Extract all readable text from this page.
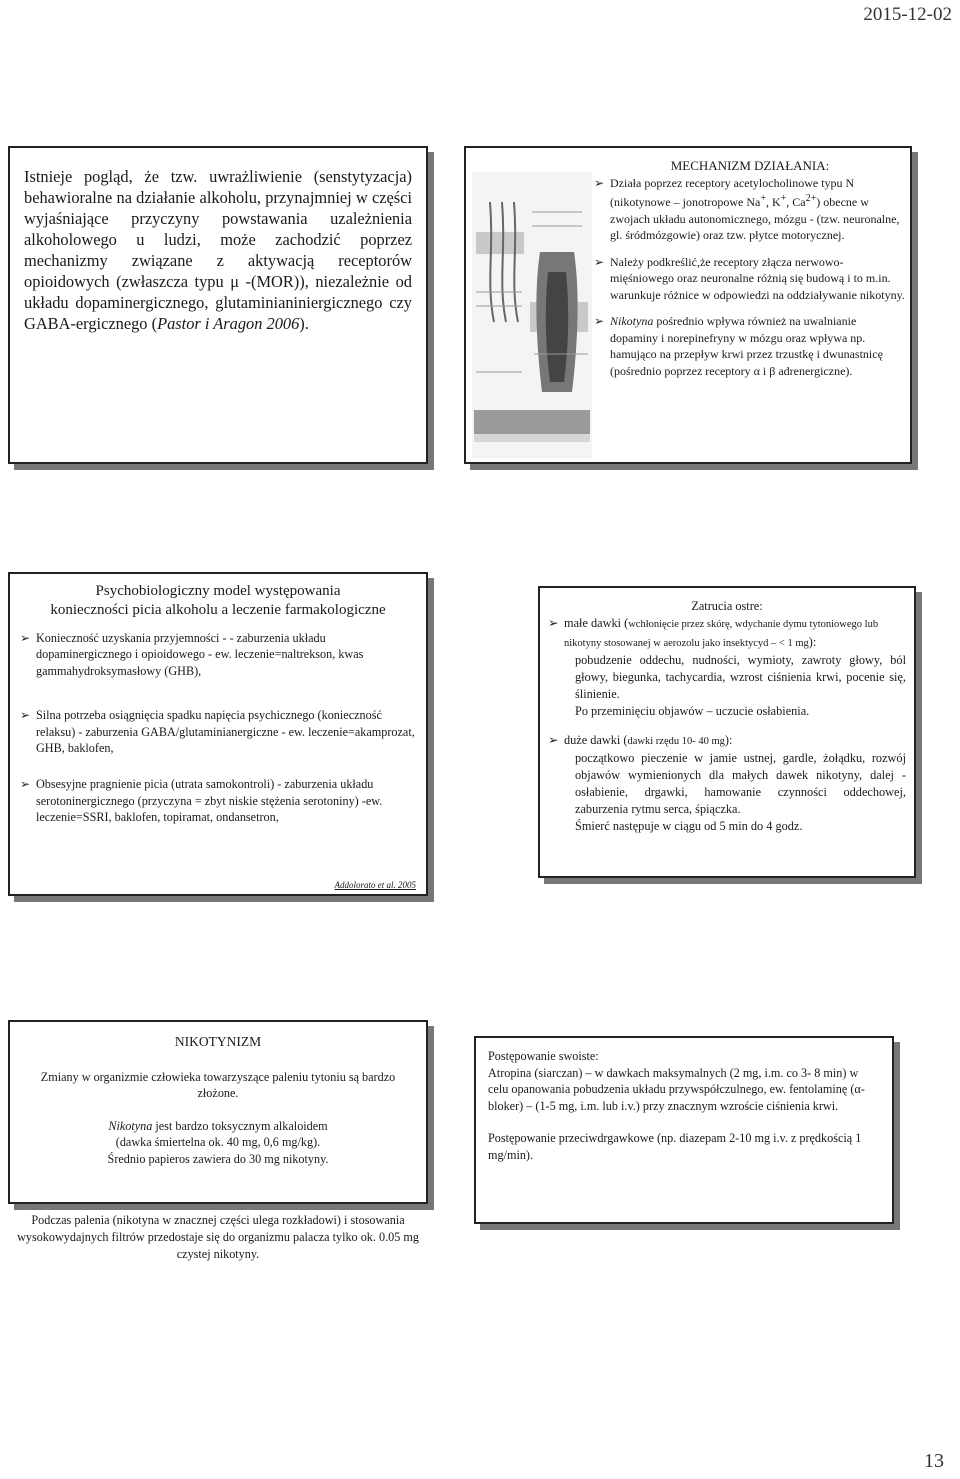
2015-12-02

Istnieje pogląd, że tzw. uwrażliwienie (senstytyzacja) behawioralne na działanie alkoholu, przynajmniej w części wyjaśniające przyczyny powstawania uzależnienia alkoholowego u ludzi, może zachodzić poprzez mechanizmy związane z aktywacją receptorów opioidowych (zwłaszcza typu μ -(MOR)), niezależnie od układu dopaminergicznego, glutaminianiniergicznego czy GABA-ergicznego (Pastor i Aragon 2006).

MECHANIZM DZIAŁANIA:

➢ Działa poprzez receptory acetylocholinowe typu N (nikotynowe – jonotropowe Na+, K+, $Ca^{2+}$) obecne w zwojach układu autonomicznego, mózgu - (tzw. neuronalne, gl. śródmózgowie) oraz tzw. płytce motorycznej.

➢ Należy podkreślić,że receptory złącza nerwowo-mięśniowego oraz neuronalne różnią się budową i to m.in. warunkuje różnice w odpowiedzi na oddziaływanie nikotyny.

➢ Nikotyna pośrednio wpływa również na uwalnianie dopaminy i norepinefryny w mózgu oraz wpływa np. hamująco na przepływ krwi przez trzustkę i dwunastnicę (pośrednio poprzez receptory α i β adrenergiczne).

Psychobiologiczny model występowania

konieczności picia alkoholu a leczenie farmakologiczne

➢ Konieczność uzyskania przyjemności - - zaburzenia układu dopaminergicznego i opioidowego - ew. leczenie=naltrekson, kwas gammahydroksymasłowy (GHB),

➢ Silna potrzeba osiągnięcia spadku napięcia psychicznego (konieczność relaksu) - zaburzenia GABA/glutaminianergiczne - ew. leczenie=akamprozat, GHB, baklofen,

➢ Obsesyjne pragnienie picia (utrata samokontroli) - zaburzenia układu serotoninergicznego (przyczyna = zbyt niskie stężenia serotoniny) -ew. leczenie=SSRI, baklofen, topiramat, ondansetron,

Addolorato et al. 2005

Zatrucia ostre:

➢ małe dawki (wchłonięcie przez skórę, wdychanie dymu tytoniowego lub nikotyny stosowanej w aerozolu jako insektycyd – < 1 mg):

pobudzenie oddechu, nudności, wymioty, zawroty głowy, ból głowy, biegunka, tachycardia, wzrost ciśnienia krwi, pocenie się, ślinienie.

Po przeminięciu objawów – uczucie osłabienia.

➢ duże dawki (dawki rzędu 10- 40 mg):

początkowo pieczenie w jamie ustnej, gardle, żołądku, rozwój objawów wymienionych dla małych dawek nikotyny, dalej - osłabienie, drgawki, hamowanie czynności oddechowej, zaburzenia rytmu serca, śpiączka.

Śmierć następuje w ciągu od 5 min do 4 godz.

NIKOTYNIZM

Zmiany w organizmie człowieka towarzyszące paleniu tytoniu są bardzo złożone.

Nikotyna jest bardzo toksycznym alkaloidem

(dawka śmiertelna ok. 40 mg, 0,6 mg/kg).

Średnio papieros zawiera do 30 mg nikotyny.

Podczas palenia (nikotyna w znacznej części ulega rozkładowi) i stosowania wysokowydajnych filtrów przedostaje się do organizmu palacza tylko ok. 0.05 mg czystej nikotyny.

Postępowanie swoiste:

Atropina (siarczan) – w dawkach maksymalnych (2 mg, i.m. co 3- 8 min) w celu opanowania pobudzenia układu przywspółczulnego, ew. fentolaminę (α-bloker) – (1-5 mg, i.m. lub i.v.) przy znacznym wzroście ciśnienia krwi.

Postępowanie przeciwdrgawkowe (np. diazepam 2-10 mg i.v. z prędkością 1 mg/min).

13
